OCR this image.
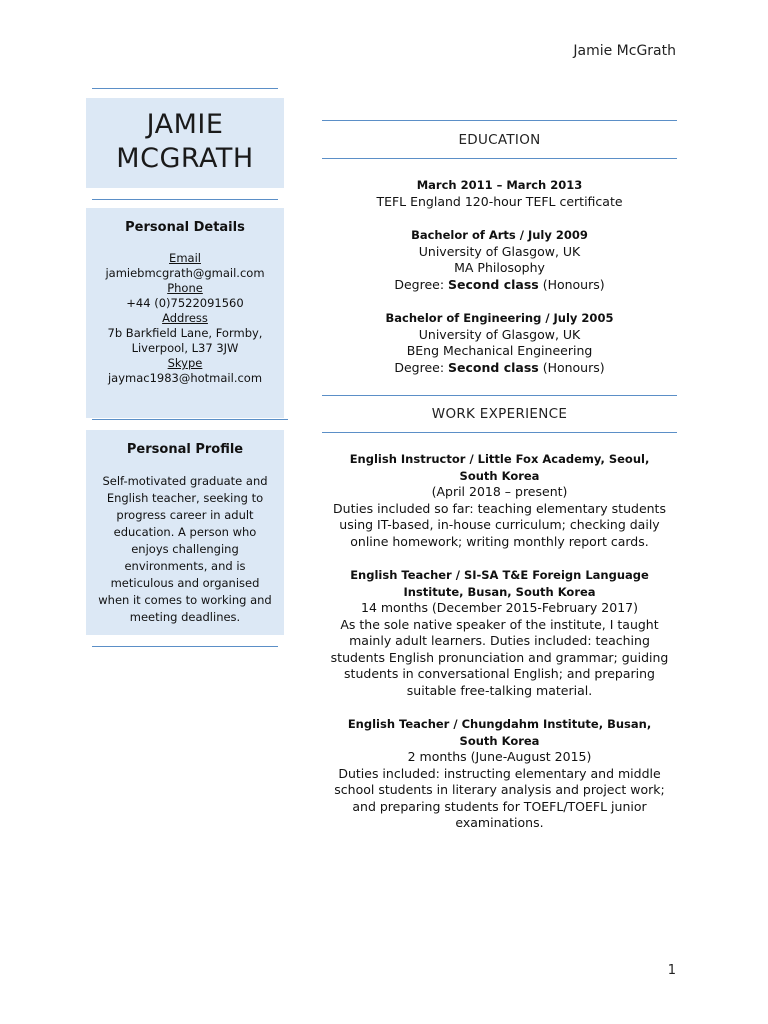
Jamie McGrath
JAMIE
MCGRATH
Personal Details
Email
jamiebmcgrath@gmail.com
Phone
+44 (0)7522091560
Address
7b Barkfield Lane, Formby,
Liverpool, L37 3JW
Skype
jaymac1983@hotmail.com
Personal Profile
Self-motivated graduate and English teacher, seeking to progress career in adult education. A person who enjoys challenging environments, and is meticulous and organised when it comes to working and meeting deadlines.
EDUCATION
March 2011 – March 2013
TEFL England 120-hour TEFL certificate
Bachelor of Arts / July 2009
University of Glasgow, UK
MA Philosophy
Degree: Second class (Honours)
Bachelor of Engineering / July 2005
University of Glasgow, UK
BEng Mechanical Engineering
Degree: Second class (Honours)
WORK EXPERIENCE
English Instructor / Little Fox Academy, Seoul, South Korea
(April 2018 – present)
Duties included so far: teaching elementary students using IT-based, in-house curriculum; checking daily online homework; writing monthly report cards.
English Teacher / SI-SA T&E Foreign Language Institute, Busan, South Korea
14 months (December 2015-February 2017)
As the sole native speaker of the institute, I taught mainly adult learners. Duties included: teaching students English pronunciation and grammar; guiding students in conversational English; and preparing suitable free-talking material.
English Teacher / Chungdahm Institute, Busan, South Korea
2 months (June-August 2015)
Duties included: instructing elementary and middle school students in literary analysis and project work; and preparing students for TOEFL/TOEFL junior examinations.
1
